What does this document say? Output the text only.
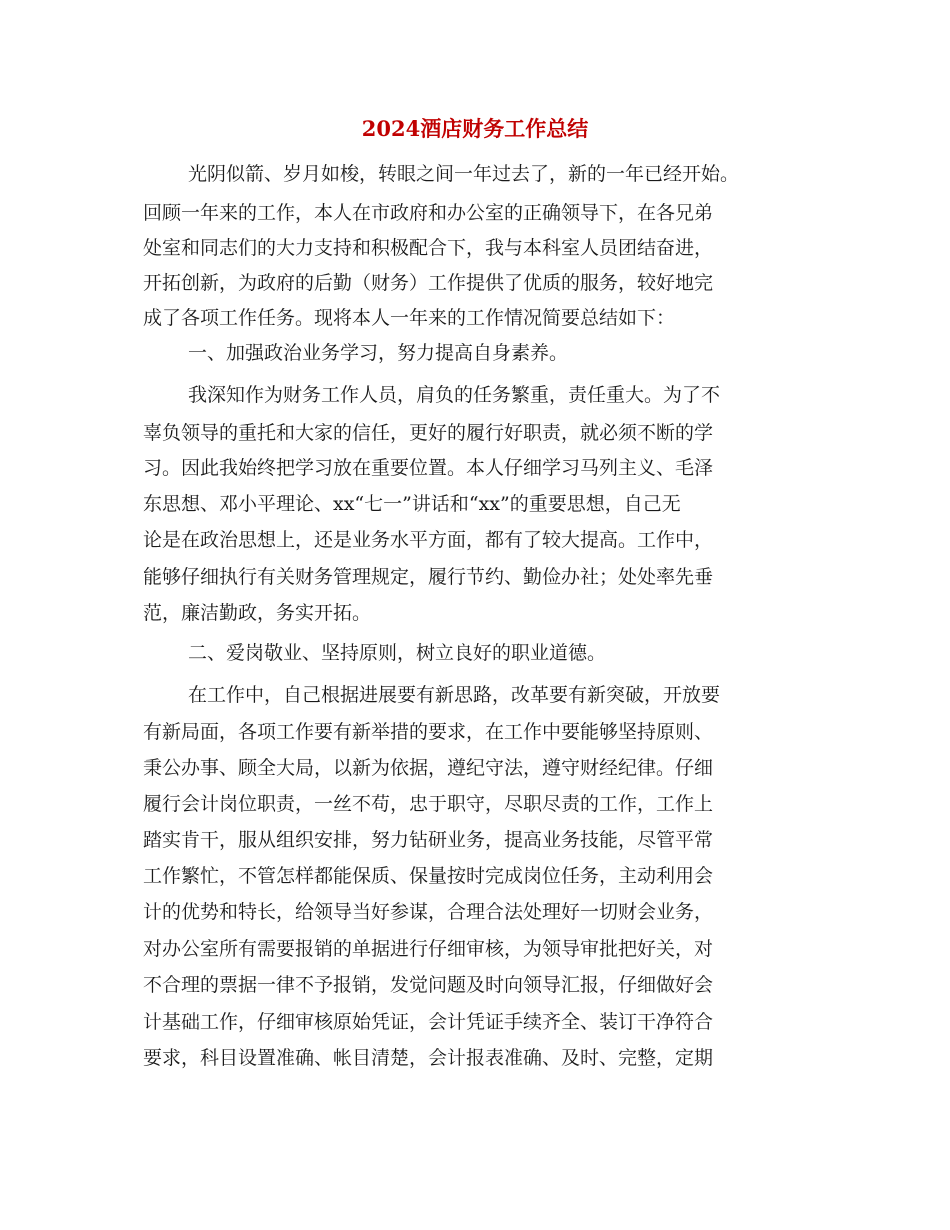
2024酒店财务工作总结
光阴似箭、岁月如梭，转眼之间一年过去了，新的一年已经开始。
回顾一年来的工作，本人在市政府和办公室的正确领导下，在各兄弟
处室和同志们的大力支持和积极配合下，我与本科室人员团结奋进，
开拓创新，为政府的后勤（财务）工作提供了优质的服务，较好地完
成了各项工作任务。现将本人一年来的工作情况简要总结如下：
一、加强政治业务学习，努力提高自身素养。
我深知作为财务工作人员，肩负的任务繁重，责任重大。为了不
辜负领导的重托和大家的信任，更好的履行好职责，就必须不断的学
习。因此我始终把学习放在重要位置。本人仔细学习马列主义、毛泽
东思想、邓小平理论、xx“七一”讲话和“xx”的重要思想，自己无
论是在政治思想上，还是业务水平方面，都有了较大提高。工作中，
能够仔细执行有关财务管理规定，履行节约、勤俭办社；处处率先垂
范，廉洁勤政，务实开拓。
二、爱岗敬业、坚持原则，树立良好的职业道德。
在工作中，自己根据进展要有新思路，改革要有新突破，开放要
有新局面，各项工作要有新举措的要求，在工作中要能够坚持原则、
秉公办事、顾全大局，以新为依据，遵纪守法，遵守财经纪律。仔细
履行会计岗位职责，一丝不苟，忠于职守，尽职尽责的工作，工作上
踏实肯干，服从组织安排，努力钻研业务，提高业务技能，尽管平常
工作繁忙，不管怎样都能保质、保量按时完成岗位任务，主动利用会
计的优势和特长，给领导当好参谋，合理合法处理好一切财会业务，
对办公室所有需要报销的单据进行仔细审核，为领导审批把好关，对
不合理的票据一律不予报销，发觉问题及时向领导汇报，仔细做好会
计基础工作，仔细审核原始凭证，会计凭证手续齐全、装订干净符合
要求，科目设置准确、帐目清楚，会计报表准确、及时、完整，定期
